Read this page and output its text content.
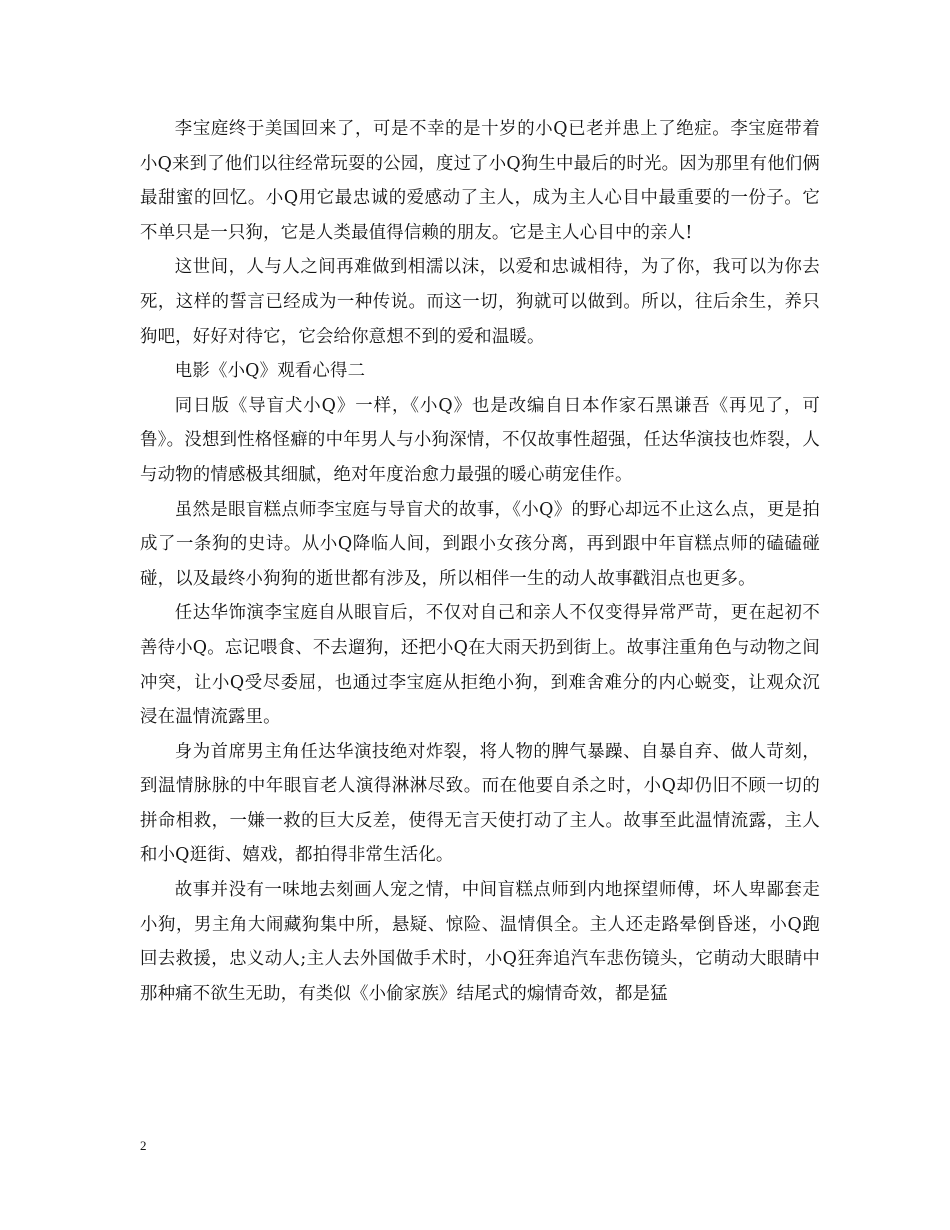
李宝庭终于美国回来了，可是不幸的是十岁的小Q已老并患上了绝症。李宝庭带着小Q来到了他们以往经常玩耍的公园，度过了小Q狗生中最后的时光。因为那里有他们俩最甜蜜的回忆。小Q用它最忠诚的爱感动了主人，成为主人心目中最重要的一份子。它不单只是一只狗，它是人类最值得信赖的朋友。它是主人心目中的亲人!

这世间，人与人之间再难做到相濡以沫，以爱和忠诚相待，为了你，我可以为你去死，这样的誓言已经成为一种传说。而这一切，狗就可以做到。所以，往后余生，养只狗吧，好好对待它，它会给你意想不到的爱和温暖。

电影《小Q》观看心得二

同日版《导盲犬小Q》一样，《小Q》也是改编自日本作家石黑谦吾《再见了，可鲁》。没想到性格怪癖的中年男人与小狗深情，不仅故事性超强，任达华演技也炸裂，人与动物的情感极其细腻，绝对年度治愈力最强的暖心萌宠佳作。

虽然是眼盲糕点师李宝庭与导盲犬的故事，《小Q》的野心却远不止这么点，更是拍成了一条狗的史诗。从小Q降临人间，到跟小女孩分离，再到跟中年盲糕点师的磕磕碰碰，以及最终小狗狗的逝世都有涉及，所以相伴一生的动人故事戳泪点也更多。

任达华饰演李宝庭自从眼盲后，不仅对自己和亲人不仅变得异常严苛，更在起初不善待小Q。忘记喂食、不去遛狗，还把小Q在大雨天扔到街上。故事注重角色与动物之间冲突，让小Q受尽委屈，也通过李宝庭从拒绝小狗，到难舍难分的内心蜕变，让观众沉浸在温情流露里。

身为首席男主角任达华演技绝对炸裂，将人物的脾气暴躁、自暴自弃、做人苛刻，到温情脉脉的中年眼盲老人演得淋淋尽致。而在他要自杀之时，小Q却仍旧不顾一切的拼命相救，一嫌一救的巨大反差，使得无言天使打动了主人。故事至此温情流露，主人和小Q逛街、嬉戏，都拍得非常生活化。

故事并没有一味地去刻画人宠之情，中间盲糕点师到内地探望师傅，坏人卑鄙套走小狗，男主角大闹藏狗集中所，悬疑、惊险、温情俱全。主人还走路晕倒昏迷，小Q跑回去救援，忠义动人;主人去外国做手术时，小Q狂奔追汽车悲伤镜头，它萌动大眼睛中那种痛不欲生无助，有类似《小偷家族》结尾式的煽情奇效，都是猛

2
